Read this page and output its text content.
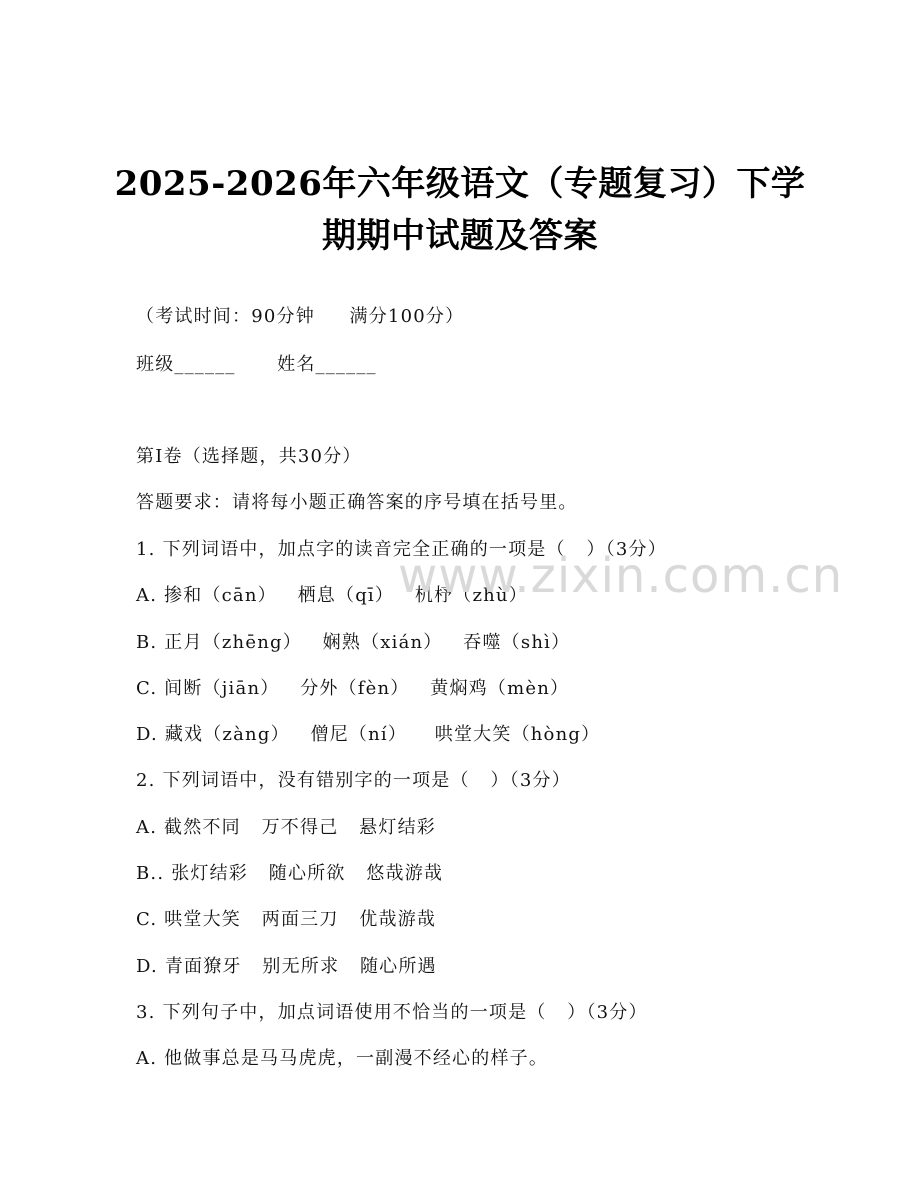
2025-2026年六年级语文（专题复习）下学
期期中试题及答案
（考试时间：90分钟     满分100分）
班级______      姓名______
第I卷（选择题，共30分）
答题要求：请将每小题正确答案的序号填在括号里。
1. 下列词语中，加点字的读音完全正确的一项是（   ）（3分）
A. 掺和（cān）   栖息（qī）   机杼（zhù）
B. 正月（zhēng）   娴熟（xián）   吞噬（shì）
C. 间断（jiān）   分外（fèn）   黄焖鸡（mèn）
D. 藏戏（zàng）   僧尼（ní）    哄堂大笑（hòng）
2. 下列词语中，没有错别字的一项是（   ）（3分）
A. 截然不同   万不得己   悬灯结彩
B.. 张灯结彩   随心所欲   悠哉游哉
C. 哄堂大笑   两面三刀   优哉游哉
D. 青面獠牙   别无所求   随心所遇
3. 下列句子中，加点词语使用不恰当的一项是（   ）（3分）
A. 他做事总是马马虎虎，一副漫不经心的样子。
www.zixin.com.cn
